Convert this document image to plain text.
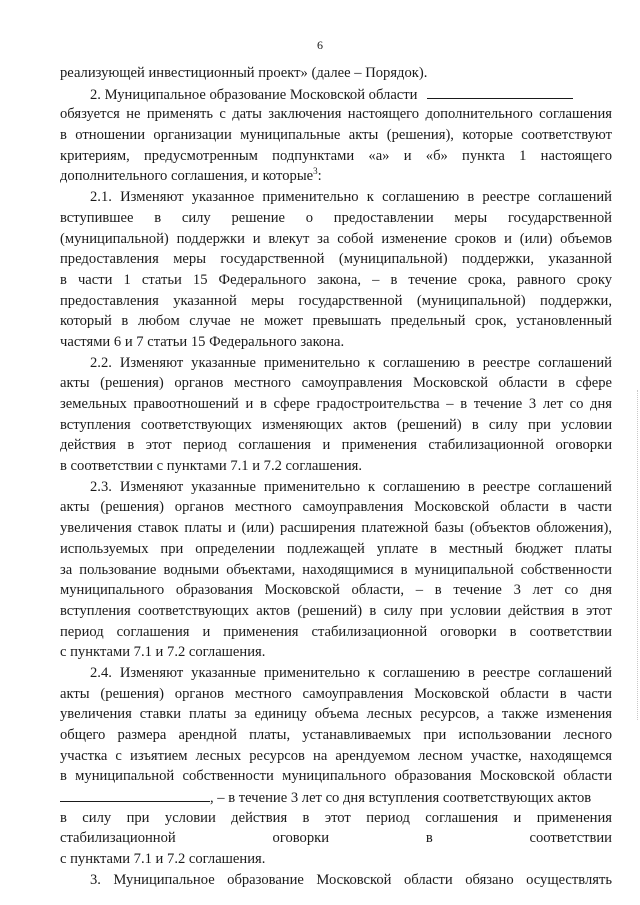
6
реализующей инвестиционный проект» (далее – Порядок).
2. Муниципальное образование Московской области
обязуется не применять с даты заключения настоящего дополнительного соглашения
в отношении организации муниципальные акты (решения), которые соответствуют
критериям, предусмотренным подпунктами «а» и «б» пункта 1 настоящего
дополнительного соглашения, и которые$^3$:
2.1. Изменяют указанное применительно к соглашению в реестре соглашений
вступившее в силу решение о предоставлении меры государственной
(муниципальной) поддержки и влекут за собой изменение сроков и (или) объемов
предоставления меры государственной (муниципальной) поддержки, указанной
в части 1 статьи 15 Федерального закона, – в течение срока, равного сроку
предоставления указанной меры государственной (муниципальной) поддержки,
который в любом случае не может превышать предельный срок, установленный
частями 6 и 7 статьи 15 Федерального закона.
2.2. Изменяют указанные применительно к соглашению в реестре соглашений
акты (решения) органов местного самоуправления Московской области в сфере
земельных правоотношений и в сфере градостроительства – в течение 3 лет со дня
вступления соответствующих изменяющих актов (решений) в силу при условии
действия в этот период соглашения и применения стабилизационной оговорки
в соответствии с пунктами 7.1 и 7.2 соглашения.
2.3. Изменяют указанные применительно к соглашению в реестре соглашений
акты (решения) органов местного самоуправления Московской области в части
увеличения ставок платы и (или) расширения платежной базы (объектов обложения),
используемых при определении подлежащей уплате в местный бюджет платы
за пользование водными объектами, находящимися в муниципальной собственности
муниципального образования Московской области, – в течение 3 лет со дня
вступления соответствующих актов (решений) в силу при условии действия в этот
период соглашения и применения стабилизационной оговорки в соответствии
с пунктами 7.1 и 7.2 соглашения.
2.4. Изменяют указанные применительно к соглашению в реестре соглашений
акты (решения) органов местного самоуправления Московской области в части
увеличения ставки платы за единицу объема лесных ресурсов, а также изменения
общего размера арендной платы, устанавливаемых при использовании лесного
участка с изъятием лесных ресурсов на арендуемом лесном участке, находящемся
в муниципальной собственности муниципального образования Московской области
, – в течение 3 лет со дня вступления соответствующих актов
в силу при условии действия в этот период соглашения и применения
стабилизационной оговорки в соответствии
с пунктами 7.1 и 7.2 соглашения.
3. Муниципальное образование Московской области обязано осуществлять
